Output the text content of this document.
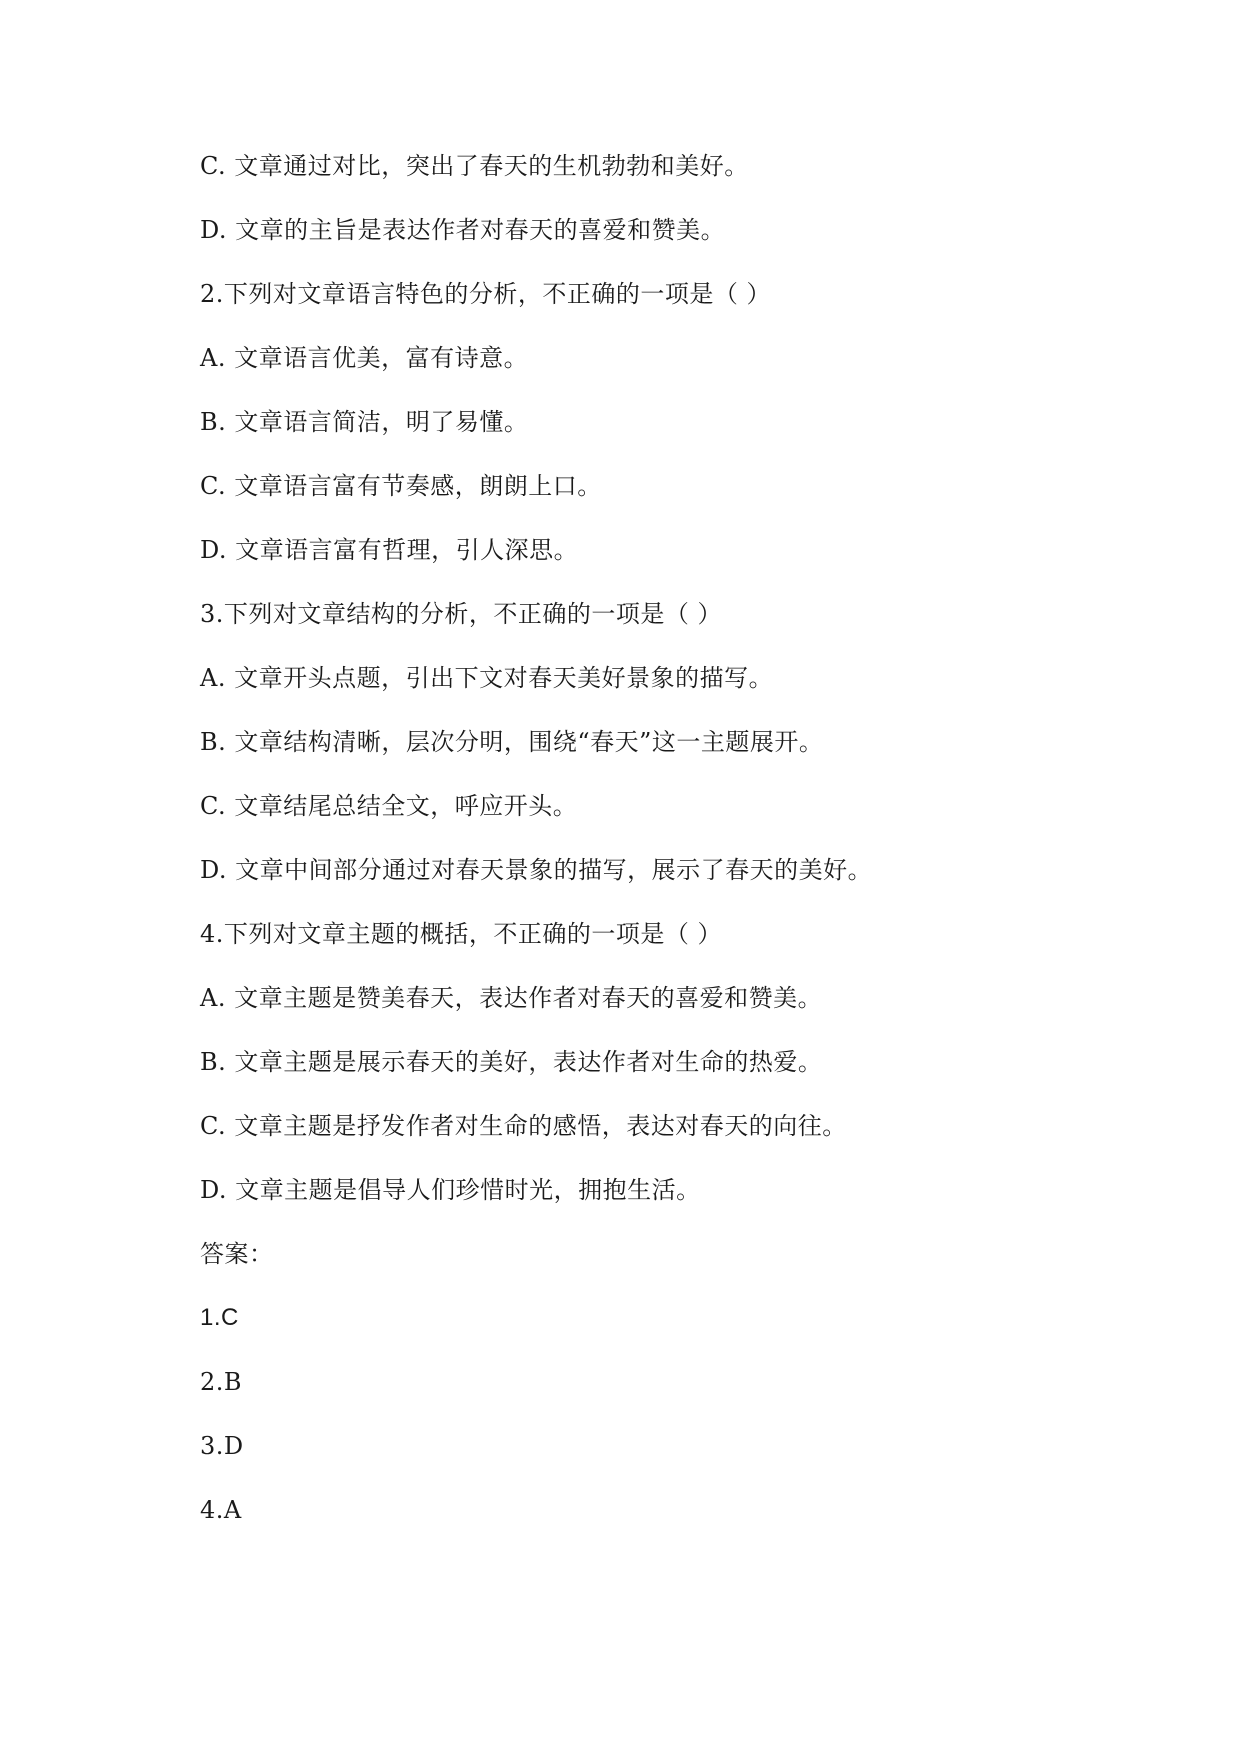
C. 文章通过对比，突出了春天的生机勃勃和美好。
D. 文章的主旨是表达作者对春天的喜爱和赞美。
2.下列对文章语言特色的分析，不正确的一项是（ ）
A. 文章语言优美，富有诗意。
B. 文章语言简洁，明了易懂。
C. 文章语言富有节奏感，朗朗上口。
D. 文章语言富有哲理，引人深思。
3.下列对文章结构的分析，不正确的一项是（ ）
A. 文章开头点题，引出下文对春天美好景象的描写。
B. 文章结构清晰，层次分明，围绕“春天”这一主题展开。
C. 文章结尾总结全文，呼应开头。
D. 文章中间部分通过对春天景象的描写，展示了春天的美好。
4.下列对文章主题的概括，不正确的一项是（ ）
A. 文章主题是赞美春天，表达作者对春天的喜爱和赞美。
B. 文章主题是展示春天的美好，表达作者对生命的热爱。
C. 文章主题是抒发作者对生命的感悟，表达对春天的向往。
D. 文章主题是倡导人们珍惜时光，拥抱生活。
答案：
1.C
2.B
3.D
4.A
